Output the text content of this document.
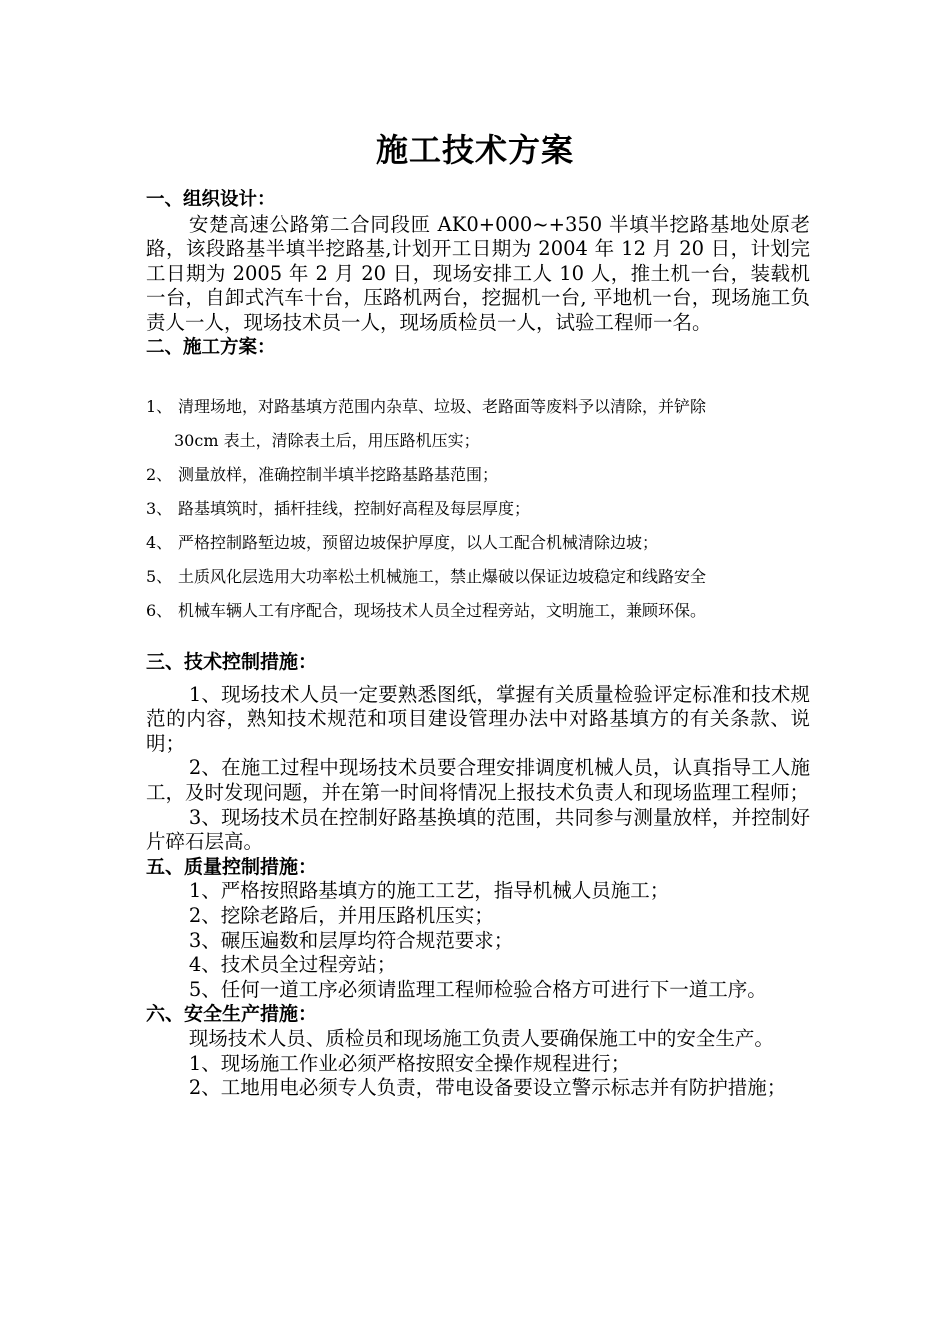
施工技术方案
一、组织设计：
安楚高速公路第二合同段匝 AK0+000~+350 半填半挖路基地处原老路，该段路基半填半挖路基,计划开工日期为 2004 年 12 月 20 日，计划完工日期为 2005 年 2 月 20 日，现场安排工人 10 人，推土机一台，装载机一台，自卸式汽车十台，压路机两台，挖掘机一台, 平地机一台，现场施工负责人一人，现场技术员一人，现场质检员一人，试验工程师一名。
二、施工方案：
1、 清理场地，对路基填方范围内杂草、垃圾、老路面等废料予以清除，并铲除
30cm 表土，清除表土后，用压路机压实；
2、 测量放样，准确控制半填半挖路基路基范围；
3、 路基填筑时，插杆挂线，控制好高程及每层厚度；
4、 严格控制路堑边坡，预留边坡保护厚度，以人工配合机械清除边坡；
5、 土质风化层选用大功率松土机械施工，禁止爆破以保证边坡稳定和线路安全
6、 机械车辆人工有序配合，现场技术人员全过程旁站，文明施工，兼顾环保。
三、技术控制措施：
1、现场技术人员一定要熟悉图纸，掌握有关质量检验评定标准和技术规范的内容，熟知技术规范和项目建设管理办法中对路基填方的有关条款、说明；
2、在施工过程中现场技术员要合理安排调度机械人员，认真指导工人施工，及时发现问题，并在第一时间将情况上报技术负责人和现场监理工程师；
3、现场技术员在控制好路基换填的范围，共同参与测量放样，并控制好片碎石层高。
五、质量控制措施：
1、严格按照路基填方的施工工艺，指导机械人员施工；
2、挖除老路后，并用压路机压实；
3、碾压遍数和层厚均符合规范要求；
4、技术员全过程旁站；
5、任何一道工序必须请监理工程师检验合格方可进行下一道工序。
六、安全生产措施：
现场技术人员、质检员和现场施工负责人要确保施工中的安全生产。
1、现场施工作业必须严格按照安全操作规程进行；
2、工地用电必须专人负责，带电设备要设立警示标志并有防护措施；
